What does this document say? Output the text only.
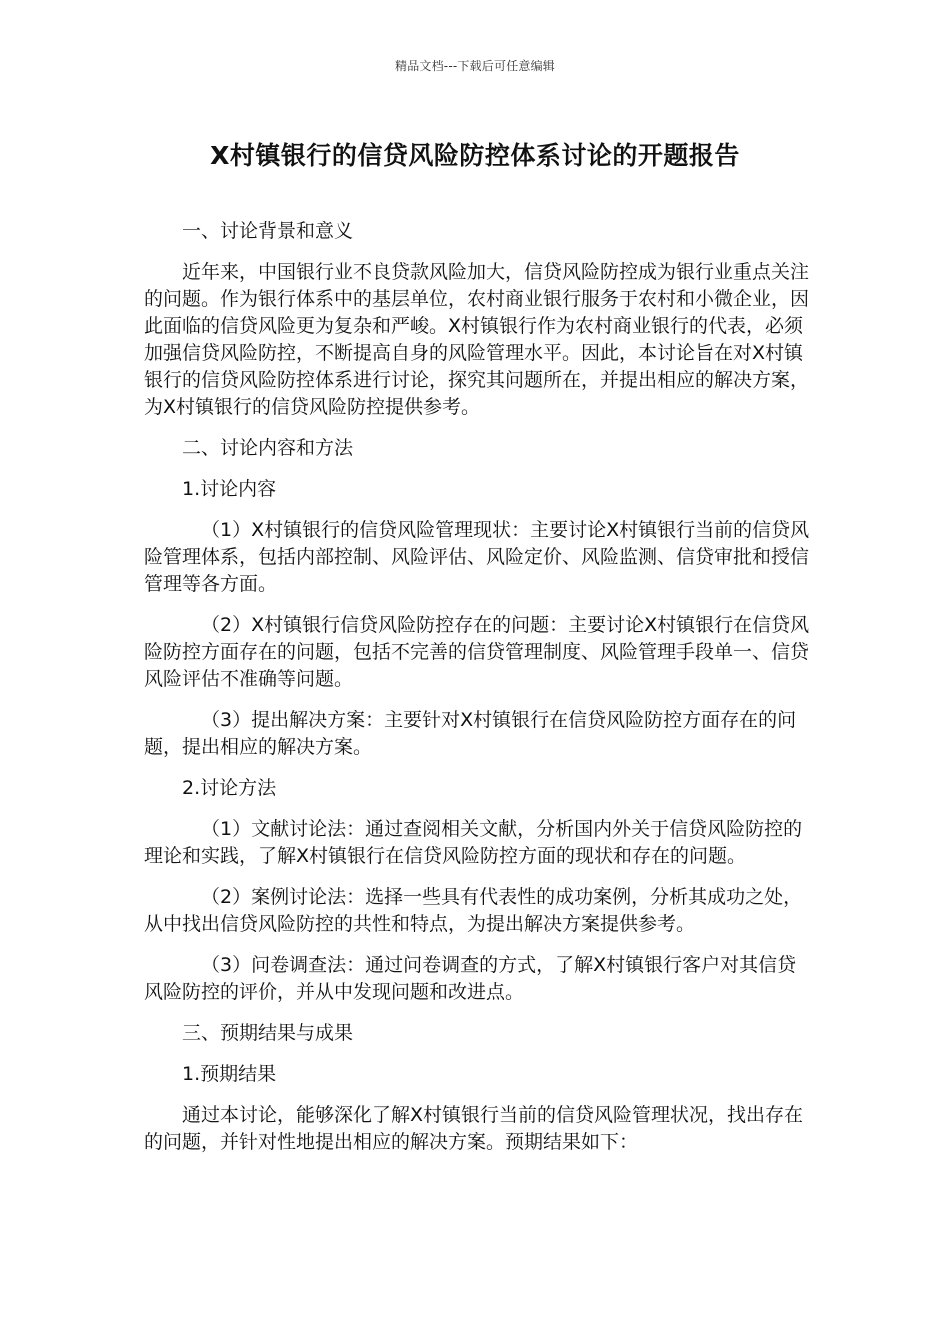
精品文档---下载后可任意编辑
X村镇银行的信贷风险防控体系讨论的开题报告

一、讨论背景和意义

近年来，中国银行业不良贷款风险加大，信贷风险防控成为银行业重点关注的问题。作为银行体系中的基层单位，农村商业银行服务于农村和小微企业，因此面临的信贷风险更为复杂和严峻。X村镇银行作为农村商业银行的代表，必须加强信贷风险防控，不断提高自身的风险管理水平。因此，本讨论旨在对X村镇银行的信贷风险防控体系进行讨论，探究其问题所在，并提出相应的解决方案，为X村镇银行的信贷风险防控提供参考。

二、讨论内容和方法

1.讨论内容

（1）X村镇银行的信贷风险管理现状：主要讨论X村镇银行当前的信贷风险管理体系，包括内部控制、风险评估、风险定价、风险监测、信贷审批和授信管理等各方面。

（2）X村镇银行信贷风险防控存在的问题：主要讨论X村镇银行在信贷风险防控方面存在的问题，包括不完善的信贷管理制度、风险管理手段单一、信贷风险评估不准确等问题。

（3）提出解决方案：主要针对X村镇银行在信贷风险防控方面存在的问题，提出相应的解决方案。

2.讨论方法

（1）文献讨论法：通过查阅相关文献，分析国内外关于信贷风险防控的理论和实践，了解X村镇银行在信贷风险防控方面的现状和存在的问题。

（2）案例讨论法：选择一些具有代表性的成功案例，分析其成功之处，从中找出信贷风险防控的共性和特点，为提出解决方案提供参考。

（3）问卷调查法：通过问卷调查的方式，了解X村镇银行客户对其信贷风险防控的评价，并从中发现问题和改进点。

三、预期结果与成果

1.预期结果

通过本讨论，能够深化了解X村镇银行当前的信贷风险管理状况，找出存在的问题，并针对性地提出相应的解决方案。预期结果如下：
